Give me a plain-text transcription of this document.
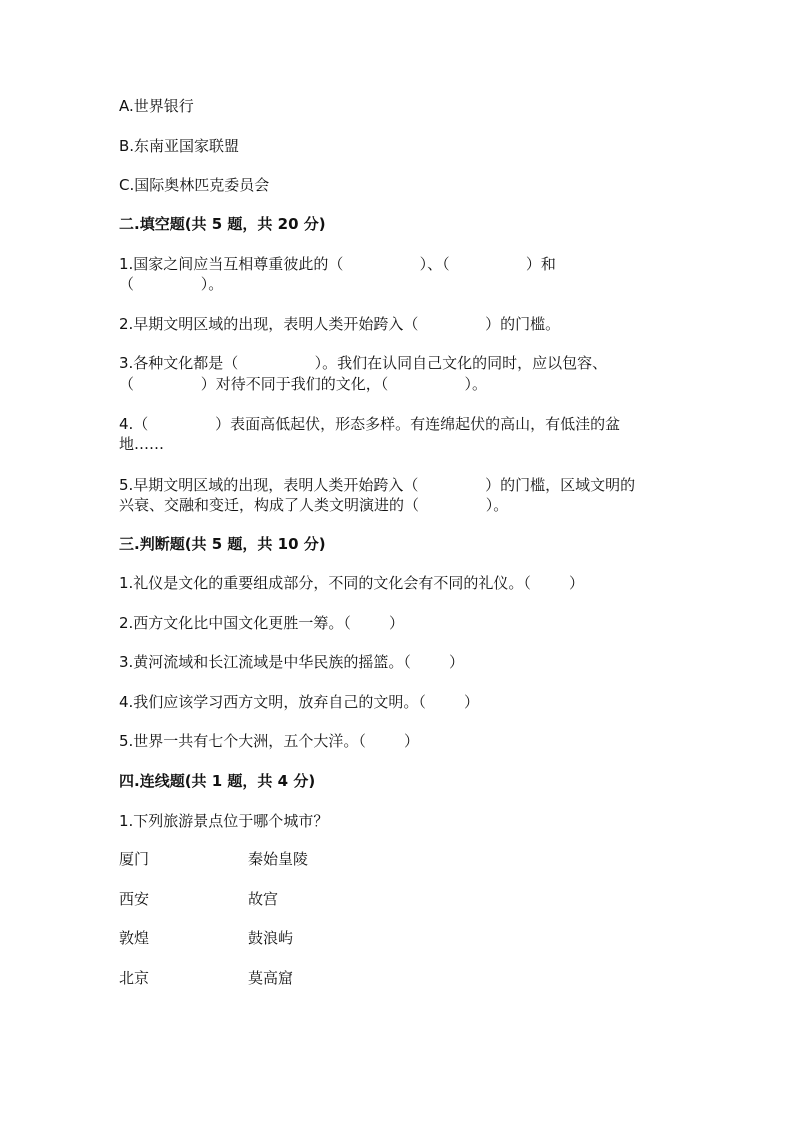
A.世界银行
B.东南亚国家联盟
C.国际奥林匹克委员会
二.填空题(共 5 题，共 20 分)
1.国家之间应当互相尊重彼此的（                ）、（                ）和
（              ）。
2.早期文明区域的出现，表明人类开始跨入（              ）的门槛。
3.各种文化都是（                ）。我们在认同自己文化的同时，应以包容、
（              ）对待不同于我们的文化，（                ）。
4.（              ）表面高低起伏，形态多样。有连绵起伏的高山，有低洼的盆
地……
5.早期文明区域的出现，表明人类开始跨入（              ）的门槛，区域文明的
兴衰、交融和变迁，构成了人类文明演进的（              ）。
三.判断题(共 5 题，共 10 分)
1.礼仪是文化的重要组成部分，不同的文化会有不同的礼仪。（        ）
2.西方文化比中国文化更胜一筹。（        ）
3.黄河流域和长江流域是中华民族的摇篮。（        ）
4.我们应该学习西方文明，放弃自己的文明。（        ）
5.世界一共有七个大洲，五个大洋。（        ）
四.连线题(共 1 题，共 4 分)
1.下列旅游景点位于哪个城市？
厦门	秦始皇陵
西安	故宫
敦煌	鼓浪屿
北京	莫高窟
